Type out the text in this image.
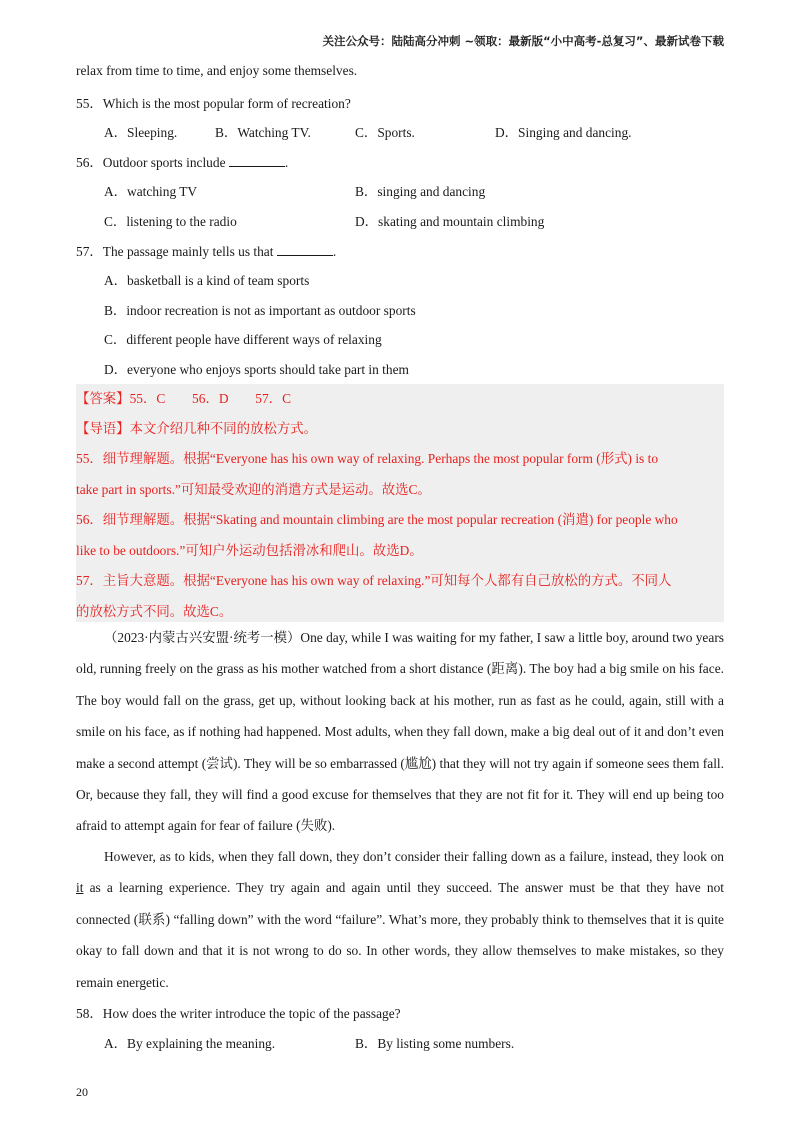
关注公众号：陆陆高分冲刺 ~领取：最新版“小中高考-总复习”、最新试卷下载
relax from time to time, and enjoy some themselves.
55．Which is the most popular form of recreation?
A．Sleeping.	B．Watching TV.	C．Sports.	D．Singing and dancing.
56．Outdoor sports include	.
A．watching TV	B．singing and dancing
C．listening to the radio	D．skating and mountain climbing
57．The passage mainly tells us that	.
A．basketball is a kind of team sports
B．indoor recreation is not as important as outdoor sports
C．different people have different ways of relaxing
D．everyone who enjoys sports should take part in them
【答案】55．C　　56．D　　57．C
【导语】本文介绍几种不同的放松方式。
55．细节理解题。根据“Everyone has his own way of relaxing. Perhaps the most popular form (形式) is to
take part in sports.”可知最受欢迎的消遣方式是运动。故选C。
56．细节理解题。根据“Skating and mountain climbing are the most popular recreation (消遣) for people who
like to be outdoors.”可知户外运动包括滑冰和爬山。故选D。
57．主旨大意题。根据“Everyone has his own way of relaxing.”可知每个人都有自己放松的方式。不同人
的放松方式不同。故选C。
（2023·内蒙古兴安盟·统考一模）One day, while I was waiting for my father, I saw a little boy, around two years old, running freely on the grass as his mother watched from a short distance (距离). The boy had a big smile on his face. The boy would fall on the grass, get up, without looking back at his mother, run as fast as he could, again, still with a smile on his face, as if nothing had happened. Most adults, when they fall down, make a big deal out of it and don’t even make a second attempt (尝试). They will be so embarrassed (尴尬) that they will not try again if someone sees them fall. Or, because they fall, they will find a good excuse for themselves that they are not fit for it. They will end up being too afraid to attempt again for fear of failure (失败).
However, as to kids, when they fall down, they don’t consider their falling down as a failure, instead, they look on it as a learning experience. They try again and again until they succeed. The answer must be that they have not connected (联系) “falling down” with the word “failure”. What’s more, they probably think to themselves that it is quite okay to fall down and that it is not wrong to do so. In other words, they allow themselves to make mistakes, so they remain energetic.
58．How does the writer introduce the topic of the passage?
A．By explaining the meaning.	B．By listing some numbers.
20
